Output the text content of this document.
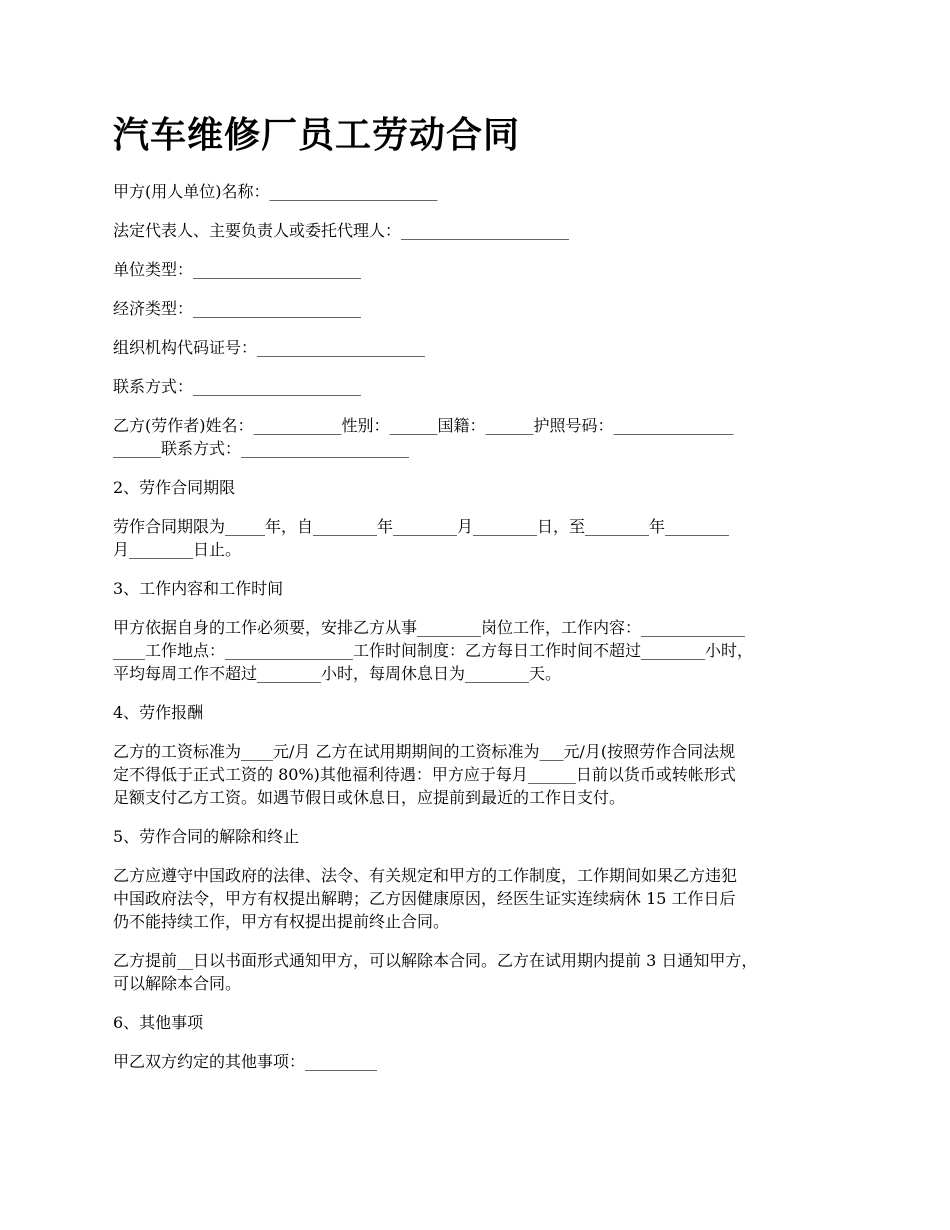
汽车维修厂员工劳动合同

甲方(用人单位)名称：_____________________

法定代表人、主要负责人或委托代理人：_____________________

单位类型：_____________________

经济类型：_____________________

组织机构代码证号：_____________________

联系方式：_____________________

乙方(劳作者)姓名：___________性别：______国籍：______护照号码：_______________
______联系方式：_____________________

2、劳作合同期限

劳作合同期限为_____年，自________年________月________日，至________年________
月________日止。

3、工作内容和工作时间

甲方依据自身的工作必须要，安排乙方从事________岗位工作，工作内容：_____________
____工作地点：________________工作时间制度：乙方每日工作时间不超过________小时，
平均每周工作不超过________小时，每周休息日为________天。

4、劳作报酬

乙方的工资标准为____元/月 乙方在试用期期间的工资标准为___元/月(按照劳作合同法规
定不得低于正式工资的 80%)其他福利待遇：甲方应于每月______日前以货币或转帐形式
足额支付乙方工资。如遇节假日或休息日，应提前到最近的工作日支付。

5、劳作合同的解除和终止

乙方应遵守中国政府的法律、法令、有关规定和甲方的工作制度，工作期间如果乙方违犯
中国政府法令，甲方有权提出解聘；乙方因健康原因，经医生证实连续病休 15 工作日后
仍不能持续工作，甲方有权提出提前终止合同。

乙方提前__日以书面形式通知甲方，可以解除本合同。乙方在试用期内提前 3 日通知甲方，
可以解除本合同。

6、其他事项

甲乙双方约定的其他事项：_________
